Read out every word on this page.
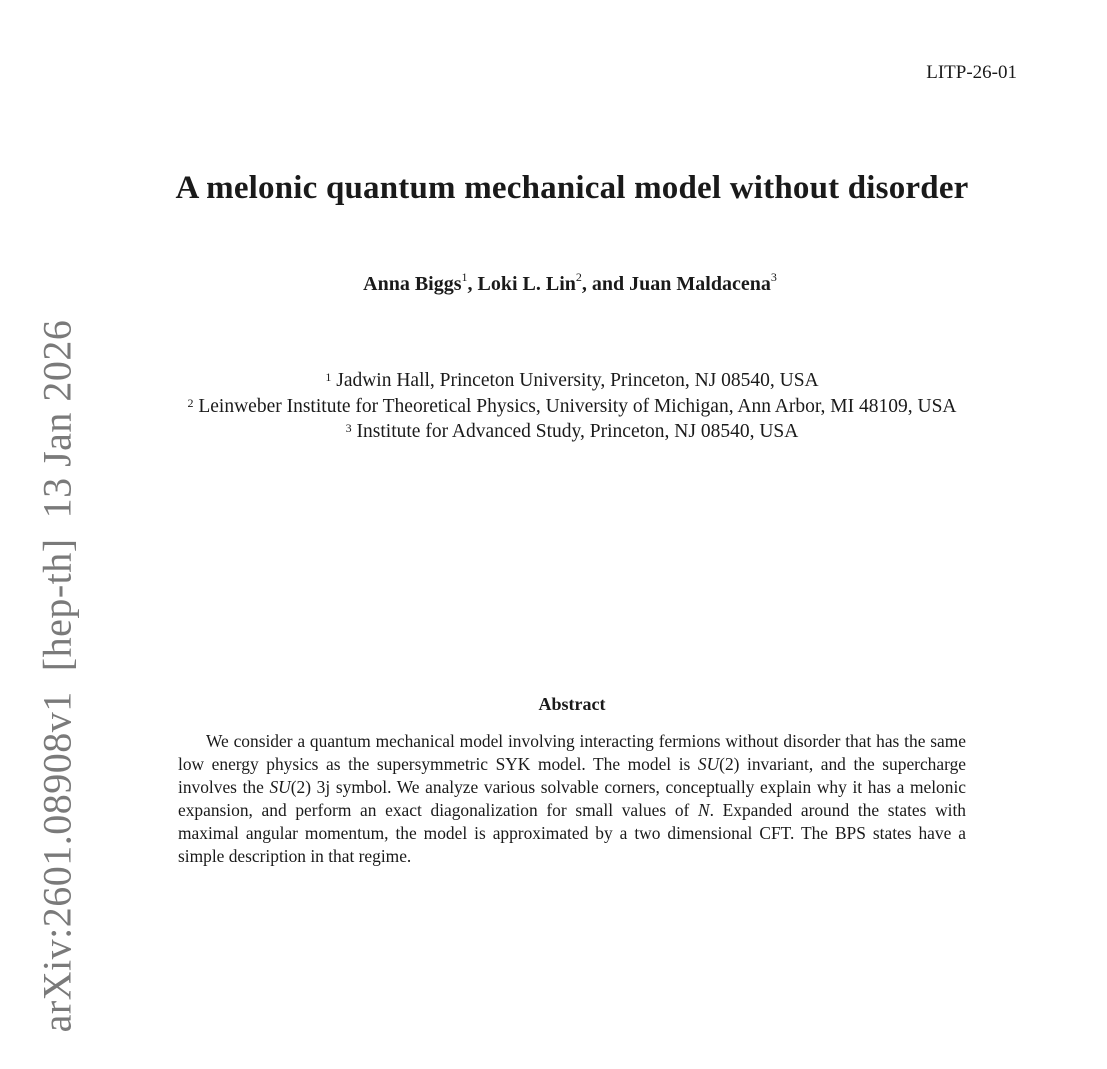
LITP-26-01
arXiv:2601.08908v1[hep-th]13 Jan 2026
A melonic quantum mechanical model without disorder
Anna Biggs$^1$, Loki L. Lin$^2$, and Juan Maldacena$^3$
$^1$ Jadwin Hall, Princeton University, Princeton, NJ 08540, USA
$^2$ Leinweber Institute for Theoretical Physics, University of Michigan, Ann Arbor, MI 48109, USA
$^3$ Institute for Advanced Study, Princeton, NJ 08540, USA
Abstract

We consider a quantum mechanical model involving interacting fermions without disorder that has the same low energy physics as the supersymmetric SYK model. The model is SU(2) invariant, and the supercharge involves the SU(2) 3j symbol. We analyze various solvable corners, conceptually explain why it has a melonic expansion, and perform an exact diagonalization for small values of N. Expanded around the states with maximal angular momentum, the model is approximated by a two dimensional CFT. The BPS states have a simple description in that regime.
